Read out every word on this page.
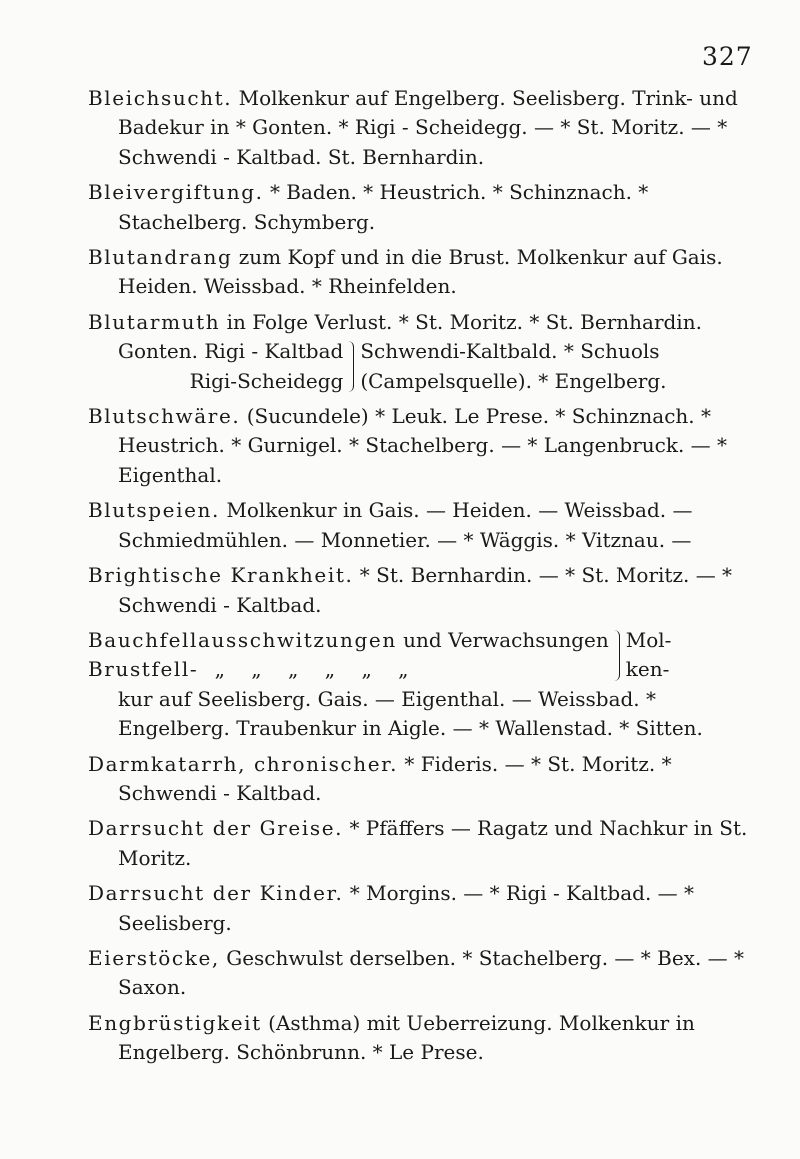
327

Bleichsucht. Molkenkur auf Engelberg. Seelisberg. Trink- und Badekur in * Gonten. * Rigi - Scheidegg. — * St. Moritz. — * Schwendi - Kaltbad. St. Bernhardin.

Bleivergiftung. * Baden. * Heustrich. * Schinznach. * Stachelberg. Schymberg.

Blutandrang zum Kopf und in die Brust. Molkenkur auf Gais. Heiden. Weissbad. * Rheinfelden.

Blutarmuth in Folge Verlust. * St. Moritz. * St. Bernhardin.
Gonten. Rigi - Kaltbad
Rigi-Scheidegg
Schwendi-Kaltbald. * Schuols
(Campelsquelle). * Engelberg.

Blutschwäre. (Sucundele) * Leuk. Le Prese. * Schinznach. * Heustrich. * Gurnigel. * Stachelberg. — * Langenbruck. — * Eigenthal.

Blutspeien. Molkenkur in Gais. — Heiden. — Weissbad. — Schmiedmühlen. — Monnetier. — * Wäggis. * Vitznau. —

Brightische Krankheit. * St. Bernhardin. — * St. Moritz. — * Schwendi - Kaltbad.

Bauchfellausschwitzungen und Verwachsungen
Brustfell- „ „ „ „ „ „
Mol-
ken-

kur auf Seelisberg. Gais. — Eigenthal. — Weissbad. * Engelberg. Traubenkur in Aigle. — * Wallenstad. * Sitten.

Darmkatarrh, chronischer. * Fideris. — * St. Moritz. * Schwendi - Kaltbad.

Darrsucht der Greise. * Pfäffers — Ragatz und Nachkur in St. Moritz.

Darrsucht der Kinder. * Morgins. — * Rigi - Kaltbad. — * Seelisberg.

Eierstöcke, Geschwulst derselben. * Stachelberg. — * Bex. — * Saxon.

Engbrüstigkeit (Asthma) mit Ueberreizung. Molkenkur in Engelberg. Schönbrunn. * Le Prese.
